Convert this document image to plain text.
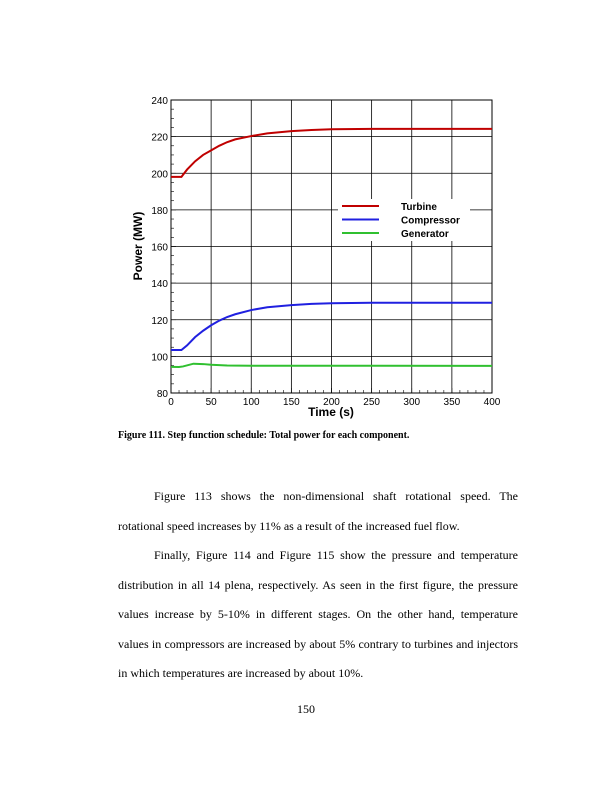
0	50	100 150 200 250 300 350 400
80
100
120
140
160
180
200
220
240
Turbine
Compressor
Generator
Time (s)
Power (MW)
Figure 111. Step function schedule: Total power for each component.

Figure 113 shows the non-dimensional shaft rotational speed. The rotational speed increases by 11% as a result of the increased fuel flow.

Finally, Figure 114 and Figure 115 show the pressure and temperature distribution in all 14 plena, respectively. As seen in the first figure, the pressure values increase by 5-10% in different stages. On the other hand, temperature values in compressors are increased by about 5% contrary to turbines and injectors in which temperatures are increased by about 10%.

150
